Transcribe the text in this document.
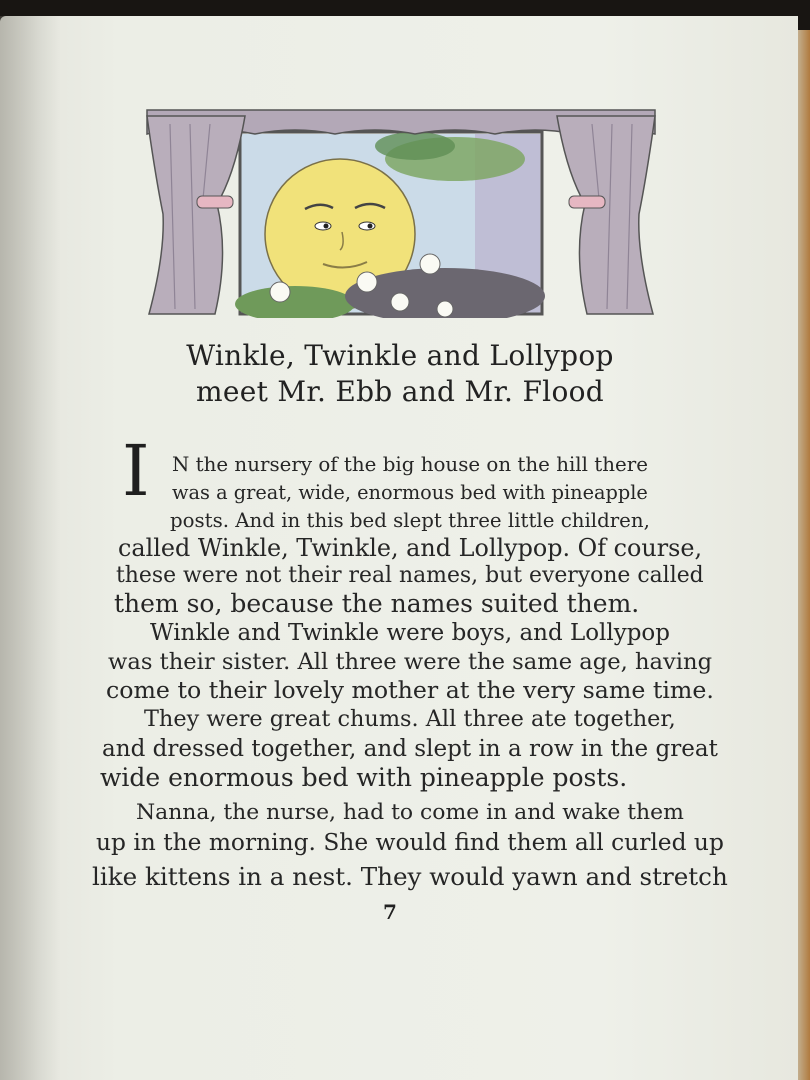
Winkle, Twinkle and Lollypop
meet Mr. Ebb and Mr. Flood
I N the nursery of the big house on the hill there
was a great, wide, enormous bed with pineapple
posts. And in this bed slept three little children,
called Winkle, Twinkle, and Lollypop. Of course,
these were not their real names, but everyone called
them so, because the names suited them.
Winkle and Twinkle were boys, and Lollypop
was their sister. All three were the same age, having
come to their lovely mother at the very same time.
They were great chums. All three ate together,
and dressed together, and slept in a row in the great
wide enormous bed with pineapple posts.
Nanna, the nurse, had to come in and wake them
up in the morning. She would find them all curled up
like kittens in a nest. They would yawn and stretch
7
